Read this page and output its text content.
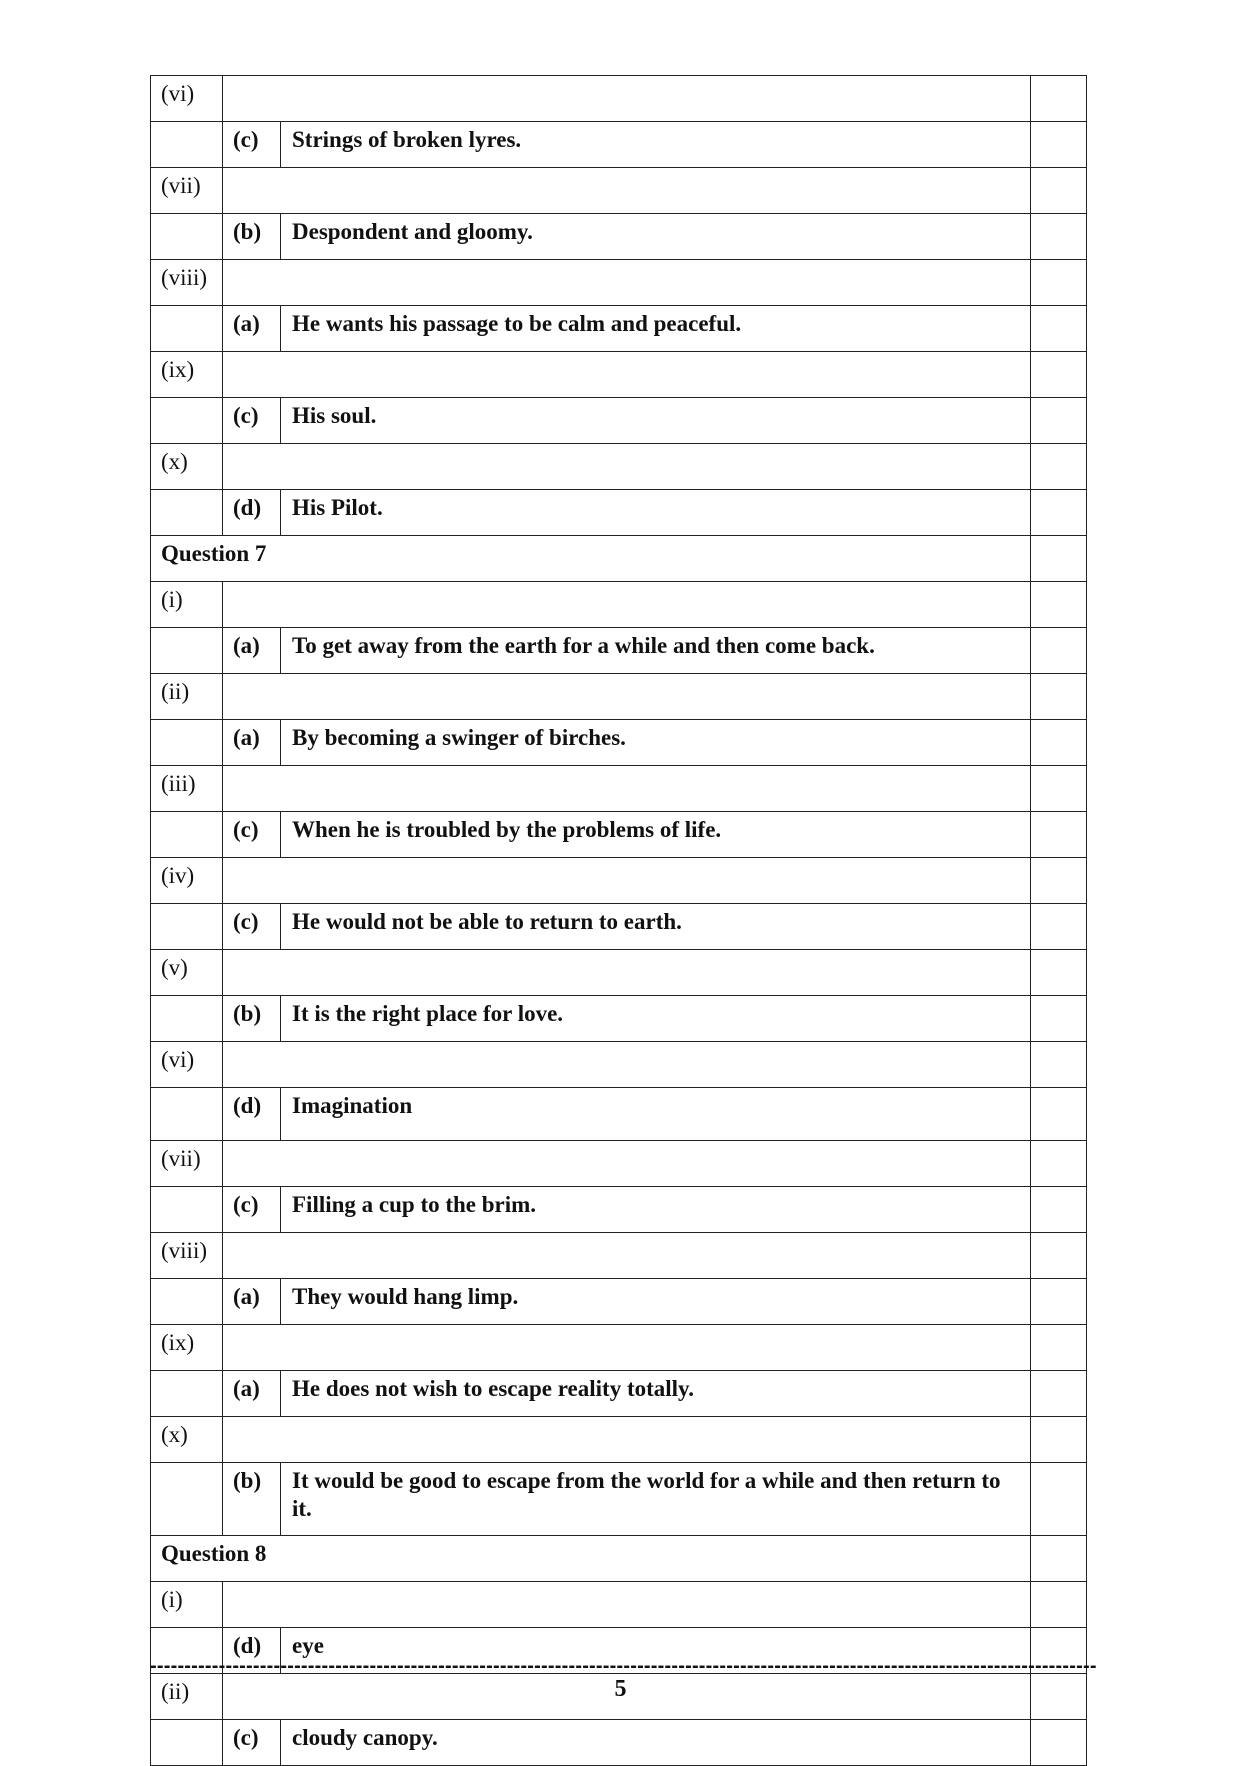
(vi)			
	(c)	Strings of broken lyres.	
(vii)			
	(b)	Despondent and gloomy.	
(viii)			
	(a)	He wants his passage to be calm and peaceful.	
(ix)			
	(c)	His soul.	
(x)			
	(d)	His Pilot.	
Question 7			
(i)			
	(a)	To get away from the earth for a while and then come back.	
(ii)			
	(a)	By becoming a swinger of birches.	
(iii)			
	(c)	When he is troubled by the problems of life.	
(iv)			
	(c)	He would not be able to return to earth.	
(v)			
	(b)	It is the right place for love.	
(vi)			
	(d)	Imagination	
(vii)			
	(c)	Filling a cup to the brim.	
(viii)			
	(a)	They would hang limp.	
(ix)			
	(a)	He does not wish to escape reality totally.	
(x)			
	(b)	It would be good to escape from the world for a while and then return to it.	
Question 8			
(i)			
	(d)	eye	
(ii)			
	(c)	cloudy canopy.	
------------------------------------------------------------------------------------------------------------------------------------------
5
